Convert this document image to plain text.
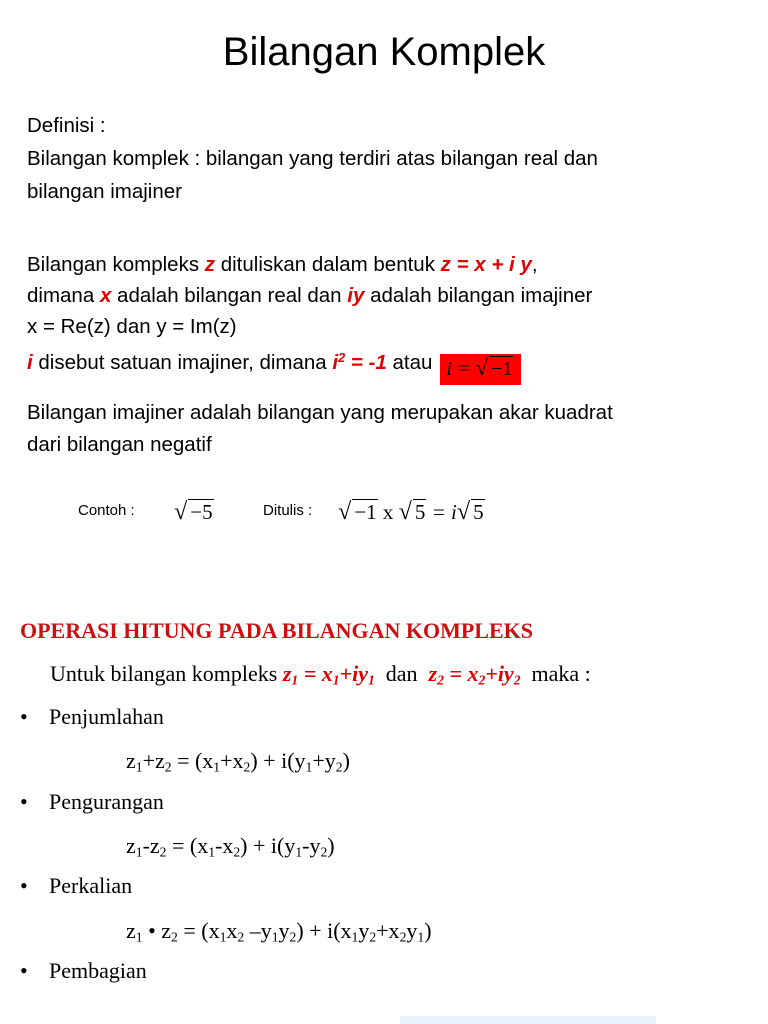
Bilangan Komplek
Definisi :
Bilangan komplek : bilangan yang terdiri atas bilangan real dan
bilangan imajiner
Bilangan kompleks z dituliskan dalam bentuk z = x + i y,
dimana x adalah bilangan real dan iy adalah bilangan imajiner
x = Re(z) dan y = Im(z)
i disebut satuan imajiner, dimana $i^2 = -1$ atau i = √ −1
Bilangan imajiner adalah bilangan yang merupakan akar kuadrat
dari bilangan negatif
Contoh : √ −5	Ditulis : √ −1 x √ 5 = i√ 5
OPERASI HITUNG PADA BILANGAN KOMPLEKS
Untuk bilangan kompleks $z_1 = x_1+iy_1$  dan  $z_2 = x_2+iy_2$  maka :
• Penjumlahan
$z_1+z_2 = (x_1+x_2) + i(y_1+y_2)$
• Pengurangan
$z_1-z_2 = (x_1-x_2) + i(y_1-y_2)$
• Perkalian
$z_1$ • $z_2 = (x_1x_2$ $-y_1y_2) + i(x_1y_2+x_2y_1)$
• Pembagian
